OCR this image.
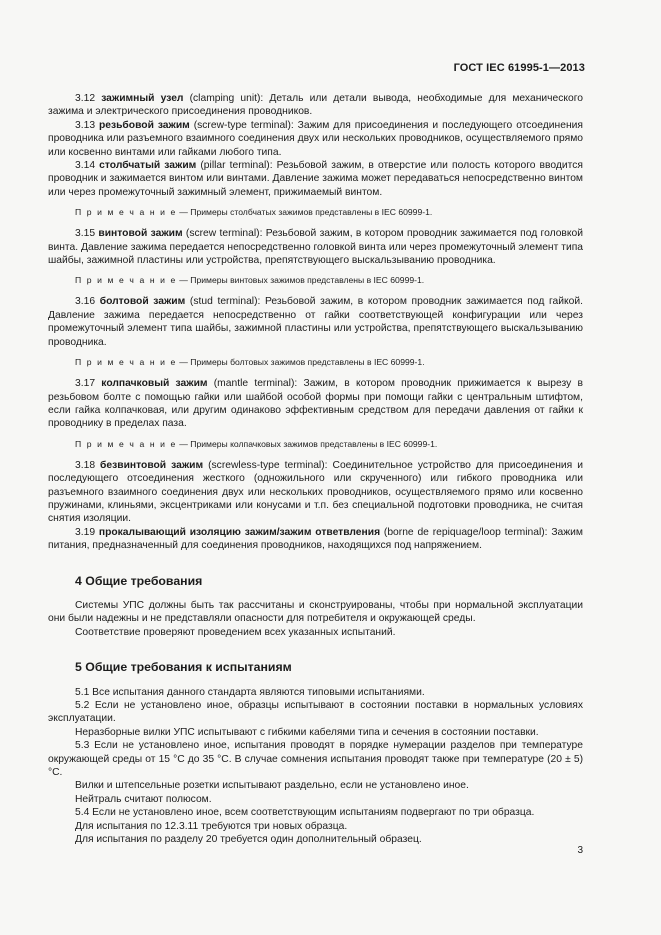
ГОСТ IEC 61995-1—2013

3.12 зажимный узел (clamping unit): Деталь или детали вывода, необходимые для механического зажима и электрического присоединения проводников.

3.13 резьбовой зажим (screw-type terminal): Зажим для присоединения и последующего отсоединения проводника или разъемного взаимного соединения двух или нескольких проводников, осуществляемого прямо или косвенно винтами или гайками любого типа.

3.14 столбчатый зажим (pillar terminal): Резьбовой зажим, в отверстие или полость которого вводится проводник и зажимается винтом или винтами. Давление зажима может передаваться непосредственно винтом или через промежуточный зажимный элемент, прижимаемый винтом.

П р и м е ч а н и е — Примеры столбчатых зажимов представлены в IEC 60999-1.

3.15 винтовой зажим (screw terminal): Резьбовой зажим, в котором проводник зажимается под головкой винта. Давление зажима передается непосредственно головкой винта или через промежуточный элемент типа шайбы, зажимной пластины или устройства, препятствующего выскальзыванию проводника.

П р и м е ч а н и е — Примеры винтовых зажимов представлены в IEC 60999-1.

3.16 болтовой зажим (stud terminal): Резьбовой зажим, в котором проводник зажимается под гайкой. Давление зажима передается непосредственно от гайки соответствующей конфигурации или через промежуточный элемент типа шайбы, зажимной пластины или устройства, препятствующего выскальзыванию проводника.

П р и м е ч а н и е — Примеры болтовых зажимов представлены в IEC 60999-1.

3.17 колпачковый зажим (mantle terminal): Зажим, в котором проводник прижимается к вырезу в резьбовом болте с помощью гайки или шайбой особой формы при помощи гайки с центральным штифтом, если гайка колпачковая, или другим одинаково эффективным средством для передачи давления от гайки к проводнику в пределах паза.

П р и м е ч а н и е — Примеры колпачковых зажимов представлены в IEC 60999-1.

3.18 безвинтовой зажим (screwless-type terminal): Соединительное устройство для присоединения и последующего отсоединения жесткого (одножильного или скрученного) или гибкого проводника или разъемного взаимного соединения двух или нескольких проводников, осуществляемого прямо или косвенно пружинами, клиньями, эксцентриками или конусами и т.п. без специальной подготовки проводника, не считая снятия изоляции.

3.19 прокалывающий изоляцию зажим/зажим ответвления (borne de repiquage/loop terminal): Зажим питания, предназначенный для соединения проводников, находящихся под напряжением.

4 Общие требования

Системы УПС должны быть так рассчитаны и сконструированы, чтобы при нормальной эксплуатации они были надежны и не представляли опасности для потребителя и окружающей среды.

Соответствие проверяют проведением всех указанных испытаний.

5 Общие требования к испытаниям

5.1 Все испытания данного стандарта являются типовыми испытаниями.

5.2 Если не установлено иное, образцы испытывают в состоянии поставки в нормальных условиях эксплуатации.

Неразборные вилки УПС испытывают с гибкими кабелями типа и сечения в состоянии поставки.

5.3 Если не установлено иное, испытания проводят в порядке нумерации разделов при температуре окружающей среды от 15 °С до 35 °С. В случае сомнения испытания проводят также при температуре (20 ± 5) °С.

Вилки и штепсельные розетки испытывают раздельно, если не установлено иное.

Нейтраль считают полюсом.

5.4 Если не установлено иное, всем соответствующим испытаниям подвергают по три образца.

Для испытания по 12.3.11 требуются три новых образца.

Для испытания по разделу 20 требуется один дополнительный образец.

3
